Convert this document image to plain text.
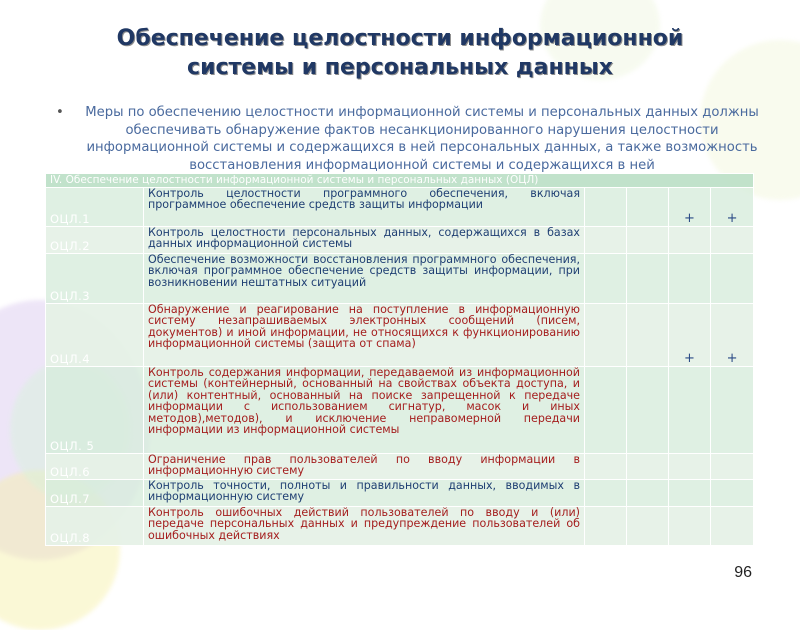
Обеспечение целостности информационной
системы и персональных данных
• Меры по обеспечению целостности информационной системы и персональных данных должны обеспечивать обнаружение фактов несанкционированного нарушения целостности информационной системы и содержащихся в ней персональных данных, а также возможность восстановления информационной системы и содержащихся в ней
IV. Обеспечение целостности информационной системы и персональных данных (ОЦЛ)					
ОЦЛ.1	Контроль целостности программного обеспечения, включая программное обеспечение средств защиты информации			+	+
ОЦЛ.2	Контроль целостности персональных данных, содержащихся в базах данных информационной системы				
ОЦЛ.3	Обеспечение возможности восстановления программного обеспечения, включая программное обеспечение средств защиты информации, при возникновении нештатных ситуаций				
ОЦЛ.4	Обнаружение и реагирование на поступление в информационную систему незапрашиваемых электронных сообщений (писем, документов) и иной информации, не относящихся к функционированию информационной системы (защита от спама)			+	+
ОЦЛ. 5	Контроль содержания информации, передаваемой из информационной системы (контейнерный, основанный на свойствах объекта доступа, и (или) контентный, основанный на поиске запрещенной к передаче информации с использованием сигнатур, масок и иных методов),методов), и исключение неправомерной передачи информации из информационной системы				
ОЦЛ.6	Ограничение прав пользователей по вводу информации в информационную систему				
ОЦЛ.7	Контроль точности, полноты и правильности данных, вводимых в информационную систему				
ОЦЛ.8	Контроль ошибочных действий пользователей по вводу и (или) передаче персональных данных и предупреждение пользователей об ошибочных действиях				
96
